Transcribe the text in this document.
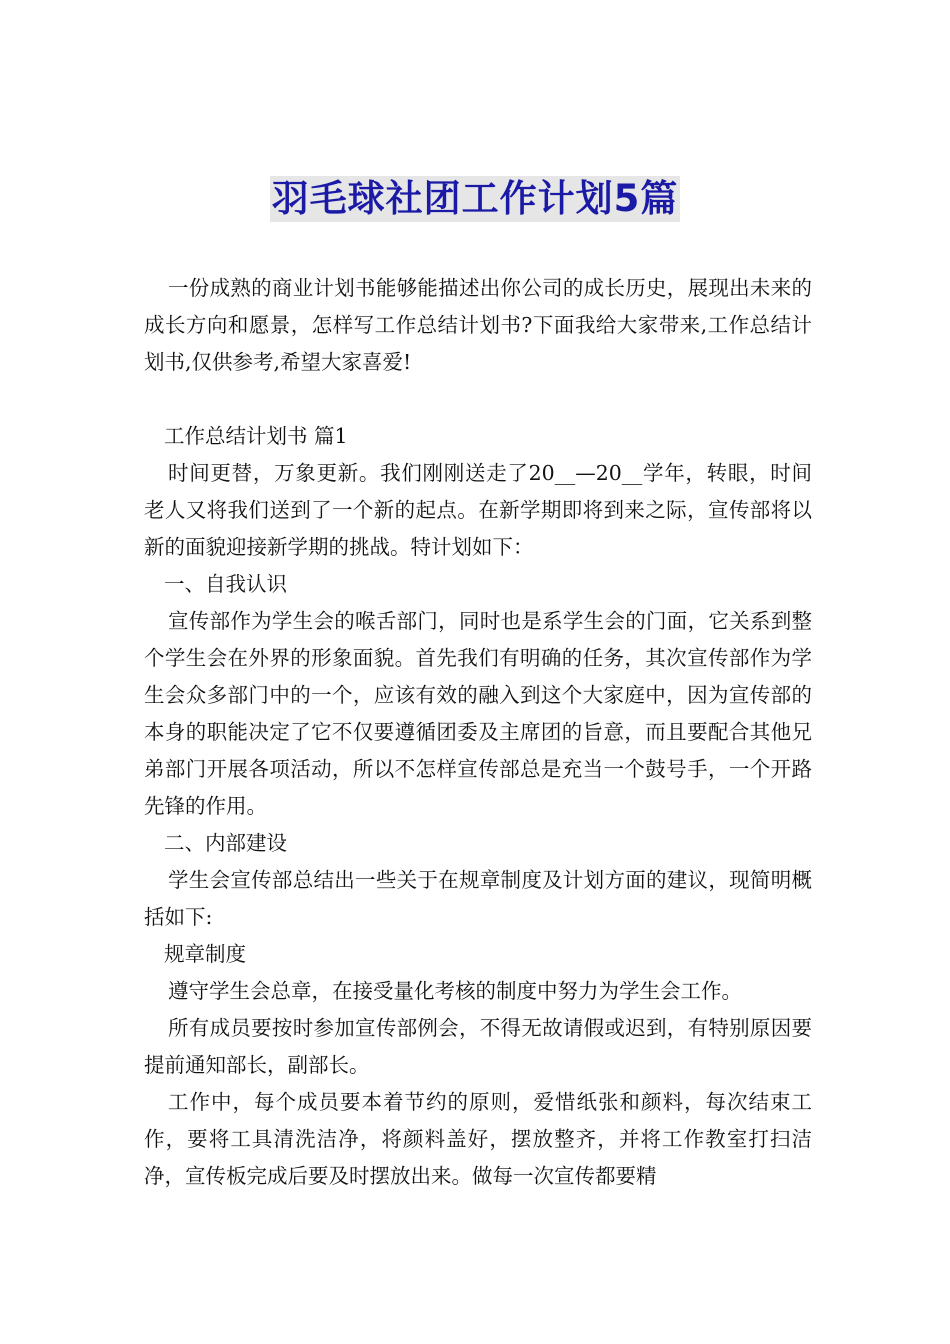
羽毛球社团工作计划5篇

一份成熟的商业计划书能够能描述出你公司的成长历史，展现出未来的成长方向和愿景，怎样写工作总结计划书?下面我给大家带来,工作总结计划书,仅供参考,希望大家喜爱!

工作总结计划书 篇1

时间更替，万象更新。我们刚刚送走了20__—20__学年，转眼，时间老人又将我们送到了一个新的起点。在新学期即将到来之际，宣传部将以新的面貌迎接新学期的挑战。特计划如下：

一、自我认识

宣传部作为学生会的喉舌部门，同时也是系学生会的门面，它关系到整个学生会在外界的形象面貌。首先我们有明确的任务，其次宣传部作为学生会众多部门中的一个，应该有效的融入到这个大家庭中，因为宣传部的本身的职能决定了它不仅要遵循团委及主席团的旨意，而且要配合其他兄弟部门开展各项活动，所以不怎样宣传部总是充当一个鼓号手，一个开路先锋的作用。

二、内部建设

学生会宣传部总结出一些关于在规章制度及计划方面的建议，现简明概括如下:

规章制度

遵守学生会总章，在接受量化考核的制度中努力为学生会工作。

所有成员要按时参加宣传部例会，不得无故请假或迟到，有特别原因要提前通知部长，副部长。

工作中，每个成员要本着节约的原则，爱惜纸张和颜料，每次结束工作，要将工具清洗洁净，将颜料盖好，摆放整齐，并将工作教室打扫洁净，宣传板完成后要及时摆放出来。做每一次宣传都要精
